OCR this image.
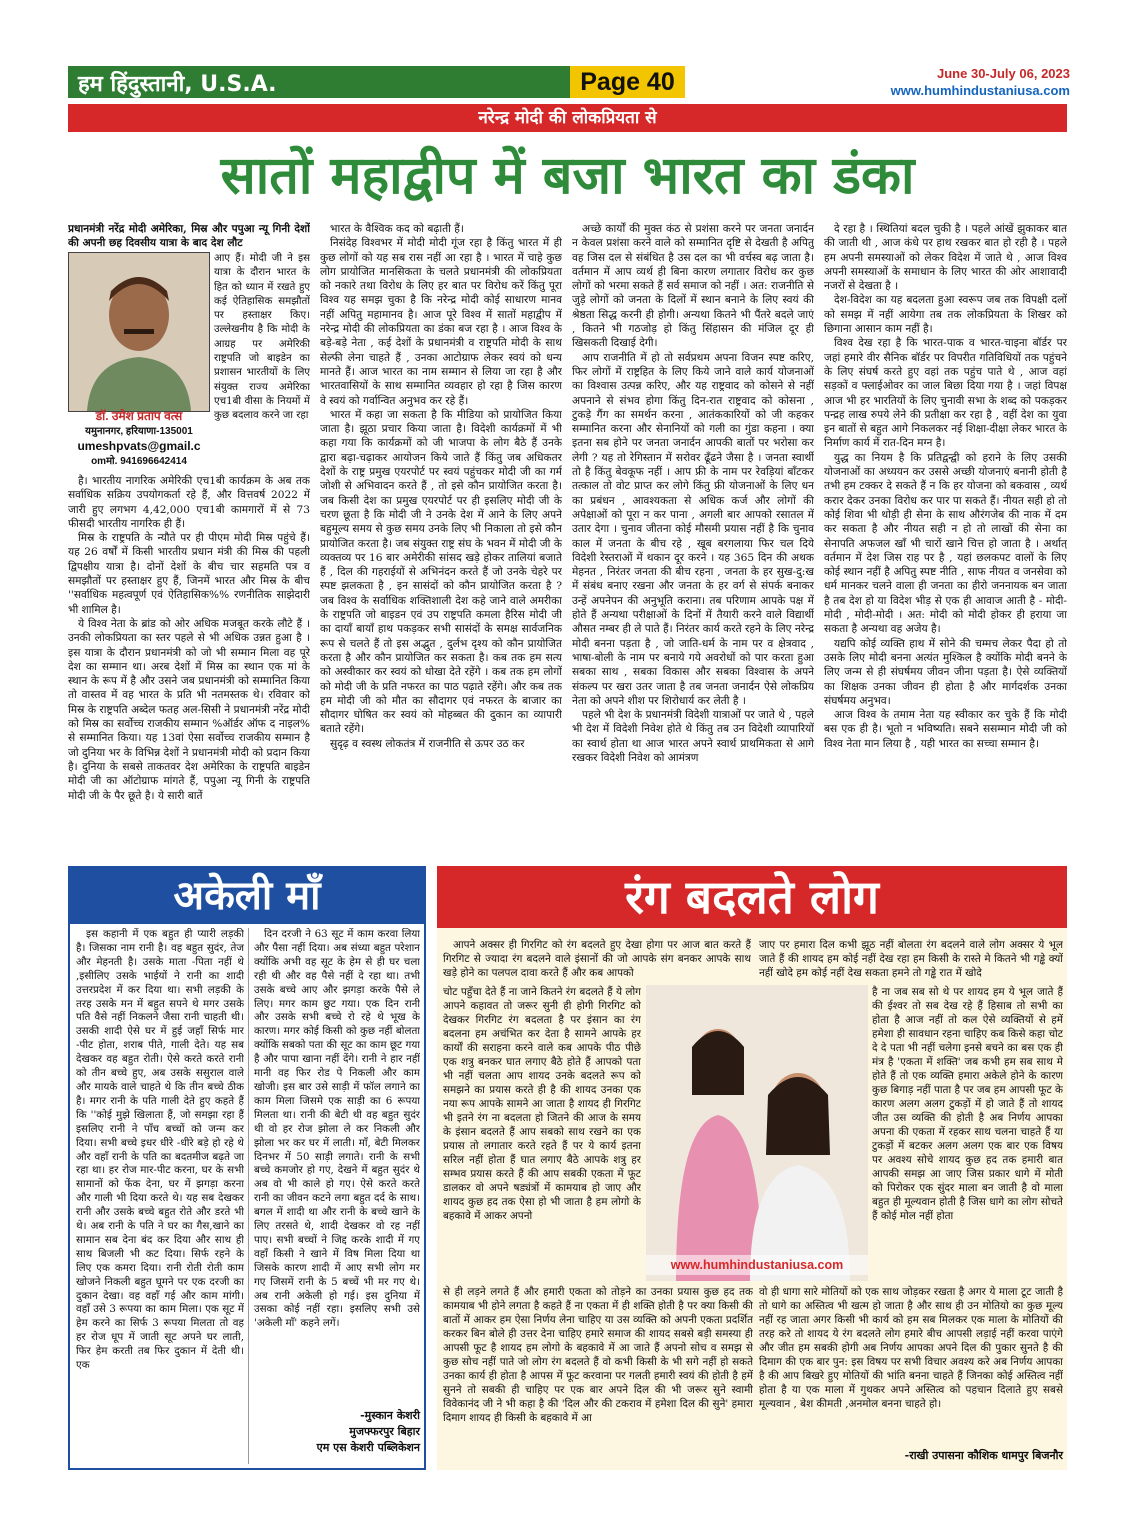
हम हिंदुस्तानी, U.S.A.	Page 40	June 30-July 06, 2023
www.humhindustaniusa.com
नरेन्द्र मोदी की लोकप्रियता से
सातों महाद्वीप में बजा भारत का डंका
प्रधानमंत्री नरेंद्र मोदी अमेरिका, मिस्र और पपुआ न्यू गिनी देशों की अपनी छह दिवसीय यात्रा के बाद देश लौट
डॉ. उमेश प्रताप वत्स
यमुनानगर, हरियाणा-135001
umeshpvats@gmail.c
omमो. 941696642414
आए हैं। मोदी जी ने इस यात्रा के दौरान भारत के हित को ध्यान में रखते हुए कई ऐतिहासिक समझौतों पर हस्ताक्षर किए। उल्लेखनीय है कि मोदी के आग्रह पर अमेरिकी राष्ट्रपति जो बाइडेन का प्रशासन भारतीयों के लिए संयुक्त राज्य अमेरिका एच1बी वीसा के नियमों में कुछ बदलाव करने जा रहा

है। भारतीय नागरिक अमेरिकी एच1बी कार्यक्रम के अब तक सर्वाधिक सक्रिय उपयोगकर्ता रहे हैं, और वित्तवर्ष 2022 में जारी हुए लगभग 4,42,000 एच1बी कामगारों में से 73 फीसदी भारतीय नागरिक ही हैं।

मिस्र के राष्ट्रपति के न्यौते पर ही पीएम मोदी मिस्र पहुंचे हैं। यह 26 वर्षों में किसी भारतीय प्रधान मंत्री की मिस्र की पहली द्विपक्षीय यात्रा है। दोनों देशों के बीच चार सहमति पत्र व समझौतों पर हस्ताक्षर हुए हैं, जिनमें भारत और मिस्र के बीच ''सर्वाधिक महत्वपूर्ण एवं ऐतिहासिक%% रणनीतिक साझेदारी भी शामिल है।

ये विश्व नेता के ब्रांड को ओर अधिक मजबूत करके लौटे हैं । उनकी लोकप्रियता का स्तर पहले से भी अधिक उन्नत हुआ है । इस यात्रा के दौरान प्रधानमंत्री को जो भी सम्मान मिला वह पूरे देश का सम्मान था। अरब देशों में मिस्र का स्थान एक मां के स्थान के रूप में है और उसने जब प्रधानमंत्री को सम्मानित किया तो वास्तव में वह भारत के प्रति भी नतमस्तक थे। रविवार को मिस्र के राष्ट्रपति अब्देल फतह अल-सिसी ने प्रधानमंत्री नरेंद्र मोदी को मिस्र का सर्वोच्च राजकीय सम्मान %ऑर्डर ऑफ द नाइल% से सम्मानित किया। यह 13वां ऐसा सर्वोच्च राजकीय सम्मान है जो दुनिया भर के विभिन्न देशों ने प्रधानमंत्री मोदी को प्रदान किया है। दुनिया के सबसे ताकतवर देश अमेरिका के राष्ट्रपति बाइडेन मोदी जी का ऑटोग्राफ मांगते हैं, पपुआ न्यू गिनी के राष्ट्रपति मोदी जी के पैर छूते है। ये सारी बातें

भारत के वैश्विक कद को बढ़ाती हैं।

निसंदेह विश्वभर में मोदी मोदी गूंज रहा है किंतु भारत में ही कुछ लोगों को यह सब रास नहीं आ रहा है । भारत में चाहे कुछ लोग प्रायोजित मानसिकता के चलते प्रधानमंत्री की लोकप्रियता को नकारे तथा विरोध के लिए हर बात पर विरोध करें किंतु पूरा विश्व यह समझ चुका है कि नरेन्द्र मोदी कोई साधारण मानव नहीं अपितु महामानव है। आज पूरे विश्व में सातों महाद्वीप में नरेन्द्र मोदी की लोकप्रियता का डंका बज रहा है । आज विश्व के बड़े-बड़े नेता , कई देशों के प्रधानमंत्री व राष्ट्रपति मोदी के साथ सेल्फी लेना चाहते हैं , उनका आटोग्राफ लेकर स्वयं को धन्य मानते हैं। आज भारत का नाम सम्मान से लिया जा रहा है और भारतवासियों के साथ सम्मानित व्यवहार हो रहा है जिस कारण वे स्वयं को गर्वान्वित अनुभव कर रहे हैं।

भारत में कहा जा सकता है कि मीडिया को प्रायोजित किया जाता है। झूठा प्रचार किया जाता है। विदेशी कार्यक्रमों में भी कहा गया कि कार्यक्रमों को जी भाजपा के लोग बैठे हैं उनके द्वारा बढ़ा-चढ़ाकर आयोजन किये जाते हैं किंतु जब अधिकतर देशों के राष्ट्र प्रमुख एयरपोर्ट पर स्वयं पहुंचकर मोदी जी का गर्म जोशी से अभिवादन करते हैं , तो इसे कौन प्रायोजित करता है। जब किसी देश का प्रमुख एयरपोर्ट पर ही इसलिए मोदी जी के चरण छूता है कि मोदी जी ने उनके देश में आने के लिए अपने बहुमूल्य समय से कुछ समय उनके लिए भी निकाला तो इसे कौन प्रायोजित करता है। जब संयुक्त राष्ट्र संघ के भवन में मोदी जी के व्यक्तव्य पर 16 बार अमेरीकी सांसद खड़े होकर तालियां बजाते हैं , दिल की गहराईयों से अभिनंदन करते हैं जो उनके चेहरे पर स्पष्ट झलकता है , इन सासंदों को कौन प्रायोजित करता है ? जब विश्व के सर्वाधिक शक्तिशाली देश कहे जाने वाले अमरीका के राष्ट्रपति जो बाइडन एवं उप राष्ट्रपति कमला हैरिस मोदी जी का दायाँ बायाँ हाथ पकड़कर सभी सासंदों के समक्ष सार्वजनिक रूप से चलते हैं तो इस अद्भुत , दुर्लभ दृश्य को कौन प्रायोजित करता है और कौन प्रायोजित कर सकता है। कब तक हम सत्य को अस्वीकार कर स्वयं को धोखा देते रहेंगे । कब तक हम लोगों को मोदी जी के प्रति नफरत का पाठ पढ़ाते रहेंगे। और कब तक हम मोदी जी को मौत का सौदागर एवं नफरत के बाजार का सौदागर घोषित कर स्वयं को मोहब्बत की दुकान का व्यापारी बताते रहेंगे।

सुदृढ़ व स्वस्थ लोकतंत्र में राजनीति से ऊपर उठ कर

अच्छे कार्यों की मुक्त कंठ से प्रशंसा करने पर जनता जनार्दन न केवल प्रशंसा करने वाले को सम्मानित दृष्टि से देखती है अपितु वह जिस दल से संबंधित है उस दल का भी वर्चस्व बढ़ जाता है। वर्तमान में आप व्यर्थ ही बिना कारण लगातार विरोध कर कुछ लोगों को भरमा सकते हैं सर्व समाज को नहीं । अत: राजनीति से जुड़े लोगों को जनता के दिलों में स्थान बनाने के लिए स्वयं की श्रेष्ठता सिद्ध करनी ही होगी। अन्यथा कितने भी पैंतरे बदले जाएं , कितने भी गठजोड़ हो किंतु सिंहासन की मंजिल दूर ही खिसकती दिखाई देगी।

आप राजनीति में हो तो सर्वप्रथम अपना विजन स्पष्ट करिए, फिर लोगों में राष्ट्रहित के लिए किये जाने वाले कार्य योजनाओं का विश्वास उत्पन्न करिए, और यह राष्ट्रवाद को कोसने से नहीं अपनाने से संभव होगा किंतु दिन-रात राष्ट्रवाद को कोसना , टुकड़े गैंग का समर्थन करना , आतंककारियों को जी कहकर सम्मानित करना और सेनानियों को गली का गुंडा कहना । क्या इतना सब होने पर जनता जनार्दन आपकी बातों पर भरोसा कर लेगी ? यह तो रेगिस्तान में सरोवर ढूँढने जैसा है । जनता स्वार्थी तो है किंतु बेवकूफ नहीं । आप फ्री के नाम पर रेवड़ियां बाँटकर तत्काल तो वोट प्राप्त कर लोगे किंतु फ्री योजनाओं के लिए धन का प्रबंधन , आवश्यकता से अधिक कर्ज और लोगों की अपेक्षाओं को पूरा न कर पाना , अगली बार आपको रसातल में उतार देगा । चुनाव जीतना कोई मौसमी प्रयास नहीं है कि चुनाव काल में जनता के बीच रहे , खूब बरगलाया फिर चल दिये विदेशी रेस्तराओं में थकान दूर करने । यह 365 दिन की अथक मेहनत , निरंतर जनता की बीच रहना , जनता के हर सुख-दु:ख में संबंध बनाए रखना और जनता के हर वर्ग से संपर्क बनाकर उन्हें अपनेपन की अनुभूति कराना। तब परिणाम आपके पक्ष में होते हैं अन्यथा परीक्षाओं के दिनों में तैयारी करने वाले विद्यार्थी औसत नम्बर ही ले पाते हैं। निरंतर कार्य करते रहने के लिए नरेन्द्र मोदी बनना पड़ता है , जो जाति-धर्म के नाम पर व क्षेत्रवाद , भाषा-बोली के नाम पर बनाये गये अवरोधों को पार करता हुआ सबका साथ , सबका विकास और सबका विश्वास के अपने संकल्प पर खरा उतर जाता है तब जनता जनार्दन ऐसे लोकप्रिय नेता को अपने शीश पर शिरोधार्य कर लेती है ।

पहले भी देश के प्रधानमंत्री विदेशी यात्राओं पर जाते थे , पहले भी देश में विदेशी निवेश होते थे किंतु तब उन विदेशी व्यापारियों का स्वार्थ होता था आज भारत अपने स्वार्थ प्राथमिकता से आगे रखकर विदेशी निवेश को आमंत्रण

दे रहा है । स्थितियां बदल चुकी है । पहले आंखें झुकाकर बात की जाती थी , आज कंधे पर हाथ रखकर बात हो रही है । पहले हम अपनी समस्याओं को लेकर विदेश में जाते थे , आज विश्व अपनी समस्याओं के समाधान के लिए भारत की ओर आशावादी नजरों से देखता है ।

देश-विदेश का यह बदलता हुआ स्वरूप जब तक विपक्षी दलों को समझ में नहीं आयेगा तब तक लोकप्रियता के शिखर को छिगाना आसान काम नहीं है।

विश्व देख रहा है कि भारत-पाक व भारत-चाइना बॉर्डर पर जहां हमारे वीर सैनिक बॉर्डर पर विपरीत गतिविधियों तक पहुंचने के लिए संघर्ष करते हुए वहां तक पहुंच पाते थे , आज वहां सड़कों व फ्लाईओवर का जाल बिछा दिया गया है । जहां विपक्ष आज भी हर भारतियों के लिए चुनावी सभा के शब्द को पकड़कर पन्द्रह लाख रुपये लेने की प्रतीक्षा कर रहा है , वहीं देश का युवा इन बातों से बहुत आगे निकलकर नई शिक्षा-दीक्षा लेकर भारत के निर्माण कार्य में रात-दिन मग्न है।

युद्ध का नियम है कि प्रतिद्वन्द्वी को हराने के लिए उसकी योजनाओं का अध्ययन कर उससे अच्छी योजनाएं बनानी होती है तभी हम टक्कर दे सकते हैं न कि हर योजना को बकवास , व्यर्थ करार देकर उनका विरोध कर पार पा सकते हैं। नीयत सही हो तो कोई शिवा भी थोड़ी ही सेना के साथ औरंगजेब की नाक में दम कर सकता है और नीयत सही न हो तो लाखों की सेना का सेनापति अफजल खाँ भी चारों खाने चित्त हो जाता है । अर्थात् वर्तमान में देश जिस राह पर है , यहां छलकपट वालों के लिए कोई स्थान नहीं है अपितु स्पष्ट नीति , साफ नीयत व जनसेवा को धर्म मानकर चलने वाला ही जनता का हीरो जननायक बन जाता है तब देश हो या विदेश भीड़ से एक ही आवाज आती है - मोदी-मोदी , मोदी-मोदी । अत: मोदी को मोदी होकर ही हराया जा सकता है अन्यथा वह अजेय है।

यद्यपि कोई व्यक्ति हाथ में सोने की चम्मच लेकर पैदा हो तो उसके लिए मोदी बनना अत्यंत मुश्किल है क्योंकि मोदी बनने के लिए जन्म से ही संघर्षमय जीवन जीना पड़ता है। ऐसे व्यक्तियों का शिक्षक उनका जीवन ही होता है और मार्गदर्शक उनका संघर्षमय अनुभव।

आज विश्व के तमाम नेता यह स्वीकार कर चुके हैं कि मोदी बस एक ही है। भूतो न भविष्यति। सबने ससम्मान मोदी जी को विश्व नेता मान लिया है , यही भारत का सच्चा सम्मान है।

अकेली माँ

इस कहानी में एक बहुत ही प्यारी लड़की है। जिसका नाम रानी है। वह बहुत सुदंर, तेज और मेहनती है। उसके माता -पिता नहीं थे ,इसीलिए उसके भाईयों ने रानी का शादी उत्तरप्रदेश में कर दिया था। सभी लड़की के तरह उसके मन में बहुत सपने थे मगर उसके पति वैसे नहीं निकलने जैसा रानी चाहती थी। उसकी शादी ऐसे घर में हुई जहाँ सिर्फ मार -पीट होता, शराब पीते, गाली देते। यह सब देखकर वह बहुत रोती। ऐसे करते करते रानी को तीन बच्चे हुए, अब उसके ससुराल वाले और मायके वाले चाहते थे कि तीन बच्चे ठीक है। मगर रानी के पति गाली देते हुए कहते हैं कि ''कोई मुझे खिलाता हैं, जो समझा रहा हैं इसलिए रानी ने पाँच बच्चों को जन्म कर दिया। सभी बच्चे इधर धीरे -धीरे बड़े हो रहे थे और वहाँ रानी के पति का बदतमीज बढ़ते जा रहा था। हर रोज मार-पीट करना, घर के सभी सामानों को फेंक देना, घर में झगड़ा करना और गाली भी दिया करते थे। यह सब देखकर रानी और उसके बच्चे बहुत रोते और डरते भी थे। अब रानी के पति ने घर का गैस,खाने का सामान सब देना बंद कर दिया और साथ ही साथ बिजली भी कट दिया। सिर्फ रहने के लिए एक कमरा दिया। रानी रोती रोती काम खोजने निकली बहुत घूमने पर एक दरजी का दुकान देखा। वह वहाँ गई और काम मांगी। वहाँ उसे 3 रूपया का काम मिला। एक सूट में हेम करने का सिर्फ 3 रूपया मिलता तो वह हर रोज धूप में जाती सूट अपने घर लाती, फिर हेम करती तब फिर दुकान में देती थी। एक

दिन दरजी ने 63 सूट में काम करवा लिया और पैसा नहीं दिया। अब संध्या बहुत परेशान क्योंकि अभी वह सूट के हेम से ही घर चला रही थी और वह पैसे नहीं दे रहा था। तभी उसके बच्चे आए और झगड़ा करके पैसे ले लिए। मगर काम छुट गया। एक दिन रानी और उसके सभी बच्चे रो रहे थे भूख के कारण। मगर कोई किसी को कुछ नहीं बोलता क्योंकि सबको पता की सूट का काम छूट गया है और पापा खाना नहीं देंगे। रानी ने हार नहीं मानी वह फिर रोड पे निकली और काम खोजी। इस बार उसे साड़ी में फॉल लगाने का काम मिला जिसमे एक साड़ी का 6 रूपया मिलता था। रानी की बेटी थी वह बहुत सुदंर थी वो हर रोज झोला ले कर निकली और झोला भर कर घर में लाती। माँ, बेटी मिलकर दिनभर में 50 साड़ी लगाते। रानी के सभी बच्चे कमजोर हो गए, देखने में बहुत सुदंर थे अब वो भी काले हो गए। ऐसे करते करते रानी का जीवन कटने लगा बहुत दर्द के साथ। बगल में शादी था और रानी के बच्चे खाने के लिए तरसते थे, शादी देखकर वो रह नहीं पाए। सभी बच्चों ने जिद्द करके शादी में गए वहाँ किसी ने खाने में विष मिला दिया था जिसके कारण शादी में आए सभी लोग मर गए जिसमें रानी के 5 बच्चें भी मर गए थे। अब रानी अकेली हो गई। इस दुनिया में उसका कोई नहीं रहा। इसलिए सभी उसे 'अकेली माँ' कहने लगें।

-मुस्कान केशरी
मुजफ्फरपुर बिहार
एम एस केशरी पब्लिकेशन
रंग बदलते लोग

आपने अक्सर ही गिरगिट को रंग बदलते हुए देखा होगा पर आज बात करते हैं गिरगिट से ज्यादा रंग बदलने वाले इंसानों की जो आपके संग बनकर आपके साथ खड़े होने का पलपल दावा करते हैं और कब आपको

जाए पर हमारा दिल कभी झूठ नहीं बोलता रंग बदलने वाले लोग अक्सर ये भूल जाते हैं की शायद हम कोई नहीं देख रहा हम किसी के रास्ते मे कितने भी गड्ढे क्यों नहीं खोदे हम कोई नहीं देख सकता हमने तो गड्ढे रात में खोदे
चोट पहुँचा देते हैं ना जाने कितने रंग बदलते हैं ये लोग आपने कहावत तो जरूर सुनी ही होगी गिरगिट को देखकर गिरगिट रंग बदलता है पर इंसान का रंग बदलना हम अचंभित कर देता है सामने आपके हर कार्यों की सराहना करने वाले कब आपके पीठ पीछे एक शत्रु बनकर घात लगाए बैठे होते हैं आपको पता भी नहीं चलता आप शायद उनके बदलते रूप को समझने का प्रयास करते ही है की शायद उनका एक नया रूप आपके सामने आ जाता है शायद ही गिरगिट भी इतने रंग ना बदलता हो जितने की आज के समय के इंसान बदलते हैं आप सबको साथ रखने का एक प्रयास तो लगातार करते रहते हैं पर ये कार्य इतना सरिल नहीं होता हैं घात लगाए बैठे आपके शत्रु हर सम्भव प्रयास करते हैं की आप सबकी एकता में फूट डालकर वो अपने षड्यंत्रों में कामयाब हो जाए और शायद कुछ हद तक ऐसा हो भी जाता है हम लोगो के बहकावे में आकर अपनो
www.humhindustaniusa.com
है ना जब सब सो थे पर शायद हम ये भूल जाते हैं की ईश्वर तो सब देख रहे हैं हिसाब तो सभी का होता है आज नहीं तो कल ऐसे व्यक्तियों से हमें हमेशा ही सावधान रहना चाहिए कब किसे कहा चोट दे दे पता भी नहीं चलेगा इनसे बचने का बस एक ही मंत्र है 'एकता में शक्ति' जब कभी हम सब साथ मे होते हैं तो एक व्यक्ति हमारा अकेले होने के कारण कुछ बिगाड़ नहीं पाता है पर जब हम आपसी फूट के कारण अलग अलग टुकड़ों में हो जाते हैं तो शायद जीत उस व्यक्ति की होती है अब निर्णय आपका अपना की एकता में रहकर साथ चलना चाहते हैं या टुकड़ों में बटकर अलग अलग एक बार एक विषय पर अवश्य सोचे शायद कुछ हद तक हमारी बात आपकी समझ आ जाए जिस प्रकार धागे में मोती को पिरोकर एक सुंदर माला बन जाती है वो माला बहुत ही मूल्यवान होती है जिस धागे का लोग सोचते हैं कोई मोल नहीं होता
से ही लड़ने लगते हैं और हमारी एकता को तोड़ने का उनका प्रयास कुछ हद तक कामयाब भी होने लगता है कहते हैं ना एकता में ही शक्ति होती है पर क्या किसी की बातों में आकर हम ऐसा निर्णय लेना चाहिए या उस व्यक्ति को अपनी एकता प्रदर्शित करकर बिन बोले ही उत्तर देना चाहिए हमारे समाज की शायद सबसे बड़ी समस्या ही आपसी फूट है शायद हम लोगो के बहकावे में आ जाते हैं अपनो सोच व समझ से कुछ सोच नहीं पाते जो लोग रंग बदलते हैं वो कभी किसी के भी सगे नहीं हो सकते उनका कार्य ही होता है आपस में फूट करवाना पर गलती हमारी स्वयं की होती है हमें सुनने तो सबकी ही चाहिए पर एक बार अपने दिल की भी जरूर सुने स्वामी विवेकानंद जी ने भी कहा है की 'दिल और की टकराव में हमेशा दिल की सुने' हमारा दिमाग शायद ही किसी के बहकावे में आ
वो ही धागा सारे मोतियों को एक साथ जोड़कर रखता है अगर ये माला टूट जाती है तो धागे का अस्तित्व भी खत्म हो जाता है और साथ ही उन मोतियो का कुछ मूल्य नहीं रह जाता अगर किसी भी कार्य को हम सब मिलकर एक माला के मोतियों की तरह करे तो शायद ये रंग बदलते लोग हमारे बीच आपसी लड़ाई नहीं करवा पाएंगे और जीत हम सबकी होगी अब निर्णय आपका अपने दिल की पुकार सुनते है की दिमाग की एक बार पुन: इस विषय पर सभी विचार अवश्य करे अब निर्णय आपका है की आप बिखरे हुए मोतियों की भांति बनना चाहते हैं जिनका कोई अस्तित्व नहीं होता है या एक माला में गुथकर अपने अस्तित्व को पहचान दिलाते हुए सबसे मूल्यवान , बेश कीमती ,अनमोल बनना चाहते हो।
-राखी उपासना कौशिक धामपुर बिजनौर
